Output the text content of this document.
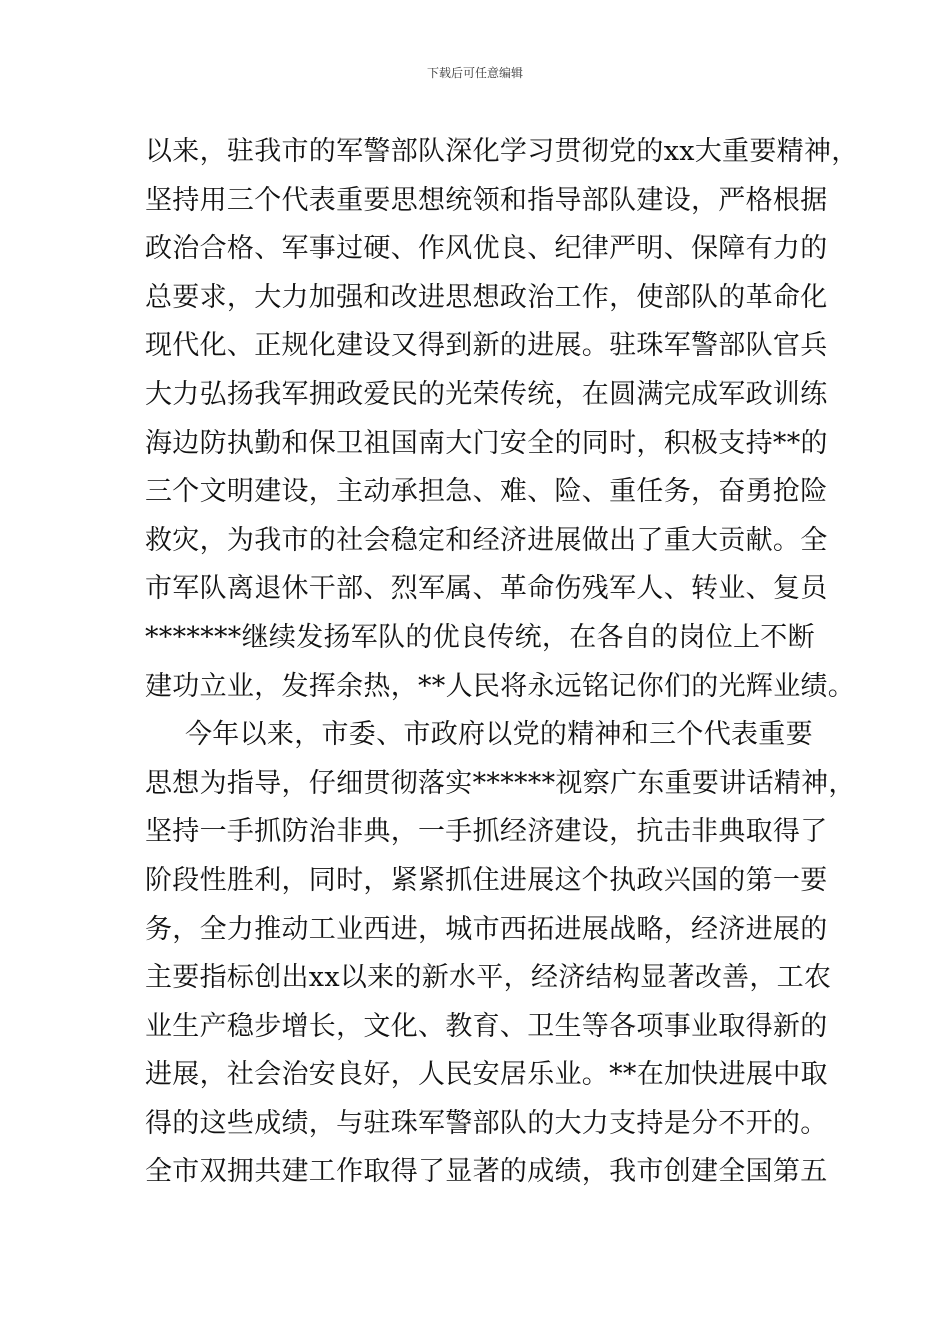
下载后可任意编辑
以来，驻我市的军警部队深化学习贯彻党的xx大重要精神，
坚持用三个代表重要思想统领和指导部队建设，严格根据
政治合格、军事过硬、作风优良、纪律严明、保障有力的
总要求，大力加强和改进思想政治工作，使部队的革命化
现代化、正规化建设又得到新的进展。驻珠军警部队官兵
大力弘扬我军拥政爱民的光荣传统，在圆满完成军政训练
海边防执勤和保卫祖国南大门安全的同时，积极支持**的
三个文明建设，主动承担急、难、险、重任务，奋勇抢险
救灾，为我市的社会稳定和经济进展做出了重大贡献。全
市军队离退休干部、烈军属、革命伤残军人、转业、复员
*******继续发扬军队的优良传统，在各自的岗位上不断
建功立业，发挥余热，**人民将永远铭记你们的光辉业绩。
今年以来，市委、市政府以党的精神和三个代表重要
思想为指导，仔细贯彻落实******视察广东重要讲话精神，
坚持一手抓防治非典，一手抓经济建设，抗击非典取得了
阶段性胜利，同时，紧紧抓住进展这个执政兴国的第一要
务，全力推动工业西进，城市西拓进展战略，经济进展的
主要指标创出xx以来的新水平，经济结构显著改善，工农
业生产稳步增长，文化、教育、卫生等各项事业取得新的
进展，社会治安良好，人民安居乐业。**在加快进展中取
得的这些成绩，与驻珠军警部队的大力支持是分不开的。
全市双拥共建工作取得了显著的成绩，我市创建全国第五
